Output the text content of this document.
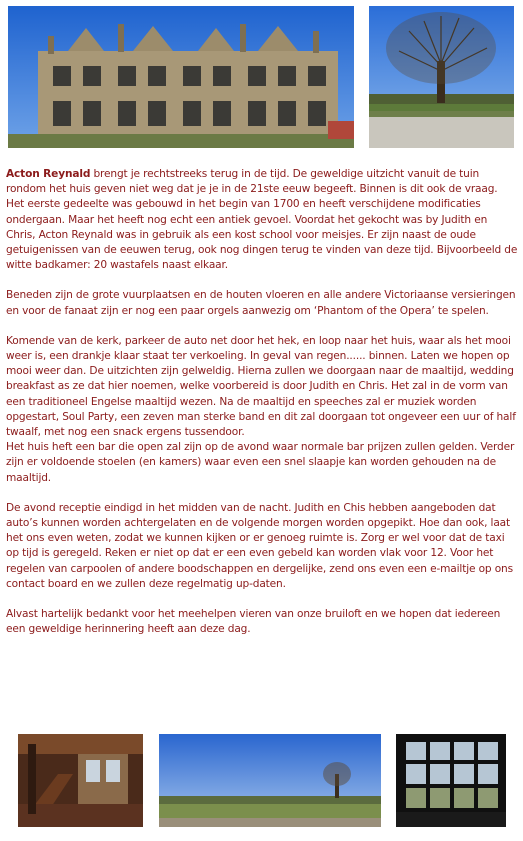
Acton Reynald brengt je rechtstreeks terug in de tijd. De geweldige uitzicht vanuit de tuin rondom het huis geven niet weg dat je je in de 21ste eeuw begeeft. Binnen is dit ook de vraag. Het eerste gedeelte was gebouwd in het begin van 1700 en heeft verschijdene modificaties ondergaan. Maar het heeft nog echt een antiek gevoel. Voordat het gekocht was by Judith en Chris, Acton Reynald was in gebruik als een kost school voor meisjes. Er zijn naast de oude getuigenissen van de eeuwen terug, ook nog dingen terug te vinden van deze tijd. Bijvoorbeeld de witte badkamer: 20 wastafels naast elkaar.

Beneden zijn de grote vuurplaatsen en de houten vloeren en alle andere Victoriaanse versieringen en voor de fanaat zijn er nog een paar orgels aanwezig om ‘Phantom of the Opera’ te spelen.

Komende van de kerk, parkeer de auto net door het hek, en loop naar het huis, waar als het mooi weer is, een drankje klaar staat ter verkoeling. In geval van regen...... binnen. Laten we hopen op mooi weer dan. De uitzichten zijn gelweldig. Hierna zullen we doorgaan naar de maaltijd, wedding breakfast as ze dat hier noemen, welke voorbereid is door Judith en Chris. Het zal in de vorm van een traditioneel Engelse maaltijd wezen. Na de maaltijd en speeches zal er muziek worden opgestart, Soul Party, een zeven man sterke band en dit zal doorgaan tot ongeveer een uur of half twaalf, met nog een snack ergens tussendoor.
Het huis heft een bar die open zal zijn op de avond waar normale bar prijzen zullen gelden. Verder zijn er voldoende stoelen (en kamers) waar even een snel slaapje kan worden gehouden na de maaltijd.

De avond receptie eindigd in het midden van de nacht. Judith en Chis hebben aangeboden dat auto’s kunnen worden achtergelaten en de volgende morgen worden opgepikt. Hoe dan ook, laat het ons even weten, zodat we kunnen kijken or er genoeg ruimte is. Zorg er wel voor dat de taxi op tijd is geregeld. Reken er niet op dat er een even gebeld kan worden vlak voor 12. Voor het regelen van carpoolen of andere boodschappen en dergelijke, zend ons even een e-mailtje op ons contact board en we zullen deze regelmatig up-daten.

Alvast hartelijk bedankt voor het meehelpen vieren van onze bruiloft en we hopen dat iedereen een geweldige herinnering heeft aan deze dag.
